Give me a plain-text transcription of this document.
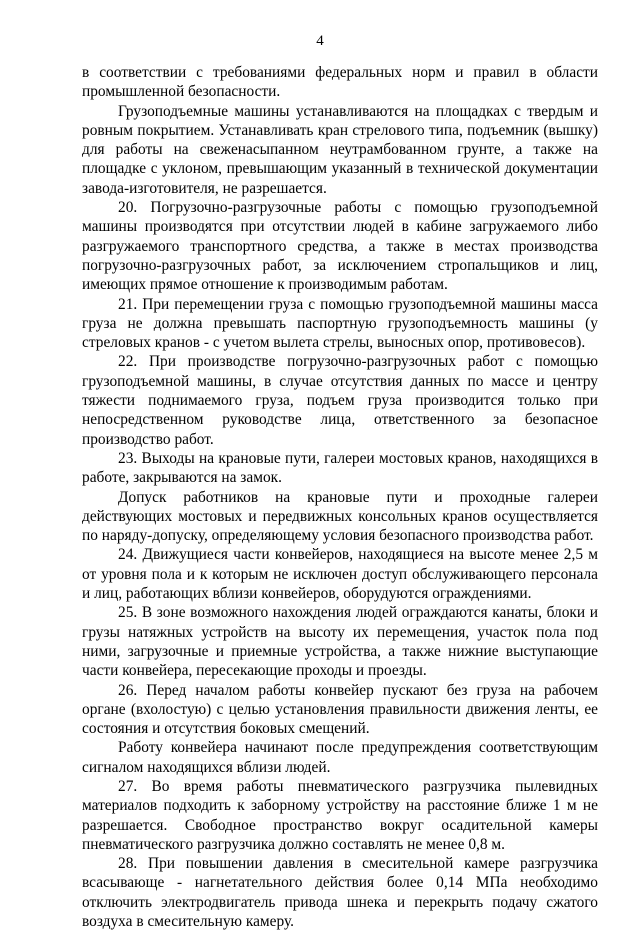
4

в соответствии с требованиями федеральных норм и правил в области промышленной безопасности.

Грузоподъемные машины устанавливаются на площадках с твердым и ровным покрытием. Устанавливать кран стрелового типа, подъемник (вышку) для работы на свеженасыпанном неутрамбованном грунте, а также на площадке с уклоном, превышающим указанный в технической документации завода-изготовителя, не разрешается.

20. Погрузочно-разгрузочные работы с помощью грузоподъемной машины производятся при отсутствии людей в кабине загружаемого либо разгружаемого транспортного средства, а также в местах производства погрузочно-разгрузочных работ, за исключением стропальщиков и лиц, имеющих прямое отношение к производимым работам.

21. При перемещении груза с помощью грузоподъемной машины масса груза не должна превышать паспортную грузоподъемность машины (у стреловых кранов - с учетом вылета стрелы, выносных опор, противовесов).

22. При производстве погрузочно-разгрузочных работ с помощью грузоподъемной машины, в случае отсутствия данных по массе и центру тяжести поднимаемого груза, подъем груза производится только при непосредственном руководстве лица, ответственного за безопасное производство работ.

23. Выходы на крановые пути, галереи мостовых кранов, находящихся в работе, закрываются на замок.

Допуск работников на крановые пути и проходные галереи действующих мостовых и передвижных консольных кранов осуществляется по наряду-допуску, определяющему условия безопасного производства работ.

24. Движущиеся части конвейеров, находящиеся на высоте менее 2,5 м от уровня пола и к которым не исключен доступ обслуживающего персонала и лиц, работающих вблизи конвейеров, оборудуются ограждениями.

25. В зоне возможного нахождения людей ограждаются канаты, блоки и грузы натяжных устройств на высоту их перемещения, участок пола под ними, загрузочные и приемные устройства, а также нижние выступающие части конвейера, пересекающие проходы и проезды.

26. Перед началом работы конвейер пускают без груза на рабочем органе (вхолостую) с целью установления правильности движения ленты, ее состояния и отсутствия боковых смещений.

Работу конвейера начинают после предупреждения соответствующим сигналом находящихся вблизи людей.

27. Во время работы пневматического разгрузчика пылевидных материалов подходить к заборному устройству на расстояние ближе 1 м не разрешается. Свободное пространство вокруг осадительной камеры пневматического разгрузчика должно составлять не менее 0,8 м.

28. При повышении давления в смесительной камере разгрузчика всасывающе - нагнетательного действия более 0,14 МПа необходимо отключить электродвигатель привода шнека и перекрыть подачу сжатого воздуха в смесительную камеру.
